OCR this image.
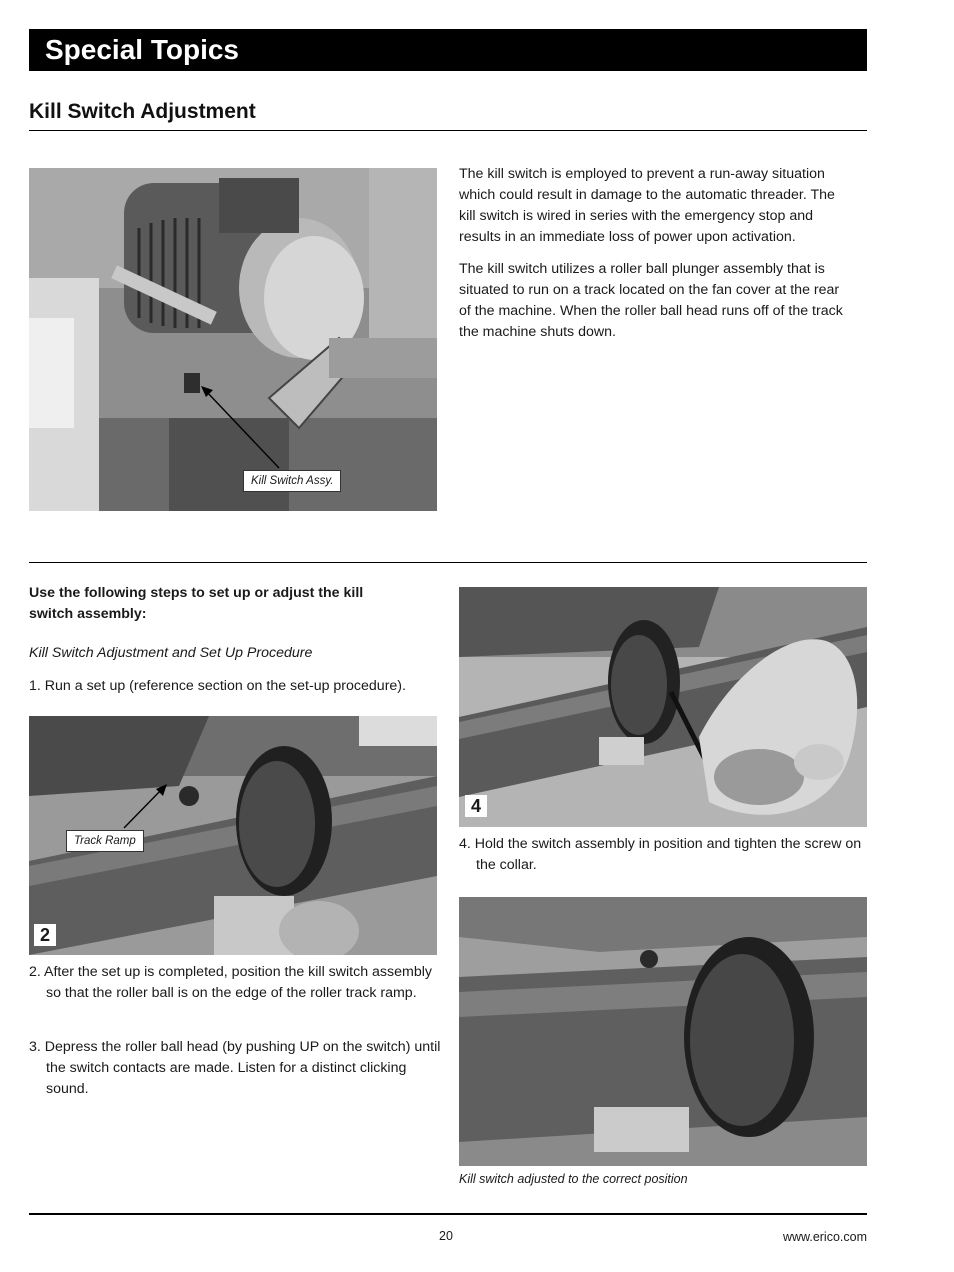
Special Topics
Kill Switch Adjustment
Kill Switch Assy.
The kill switch is employed to prevent a run-away situation which could result in damage to the automatic threader. The kill switch is wired in series with the emergency stop and results in an immediate loss of power upon activation.
The kill switch utilizes a roller ball plunger assembly that is situated to run on a track located on the fan cover at the rear of the machine. When the roller ball head runs off of the track the machine shuts down.
Use the following steps to set up or adjust the kill switch assembly:
Kill Switch Adjustment and Set Up Procedure
1. Run a set up (reference section on the set-up procedure).
Track Ramp
2
2. After the set up is completed, position the kill switch assembly so that the roller ball is on the edge of the roller track ramp.
3. Depress the roller ball head (by pushing UP on the switch) until the switch contacts are made. Listen for a distinct clicking sound.
4
4. Hold the switch assembly in position and tighten the screw on the collar.
Kill switch adjusted to the correct position
20	www.erico.com
